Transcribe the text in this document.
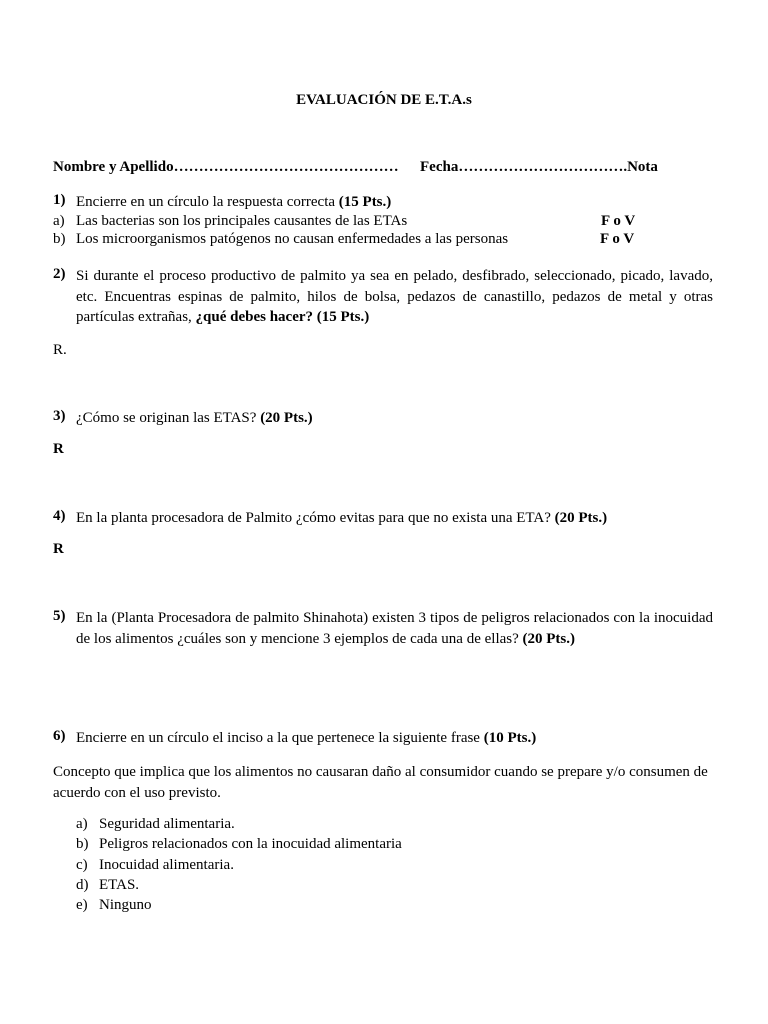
EVALUACIÓN DE E.T.A.s
Nombre y Apellido……………………………………… Fecha…………………………….Nota
1) Encierre en un círculo la respuesta correcta (15 Pts.)
a) Las bacterias son los principales causantes de las ETAs	F o V
b) Los microorganismos patógenos no causan enfermedades a las personas	F o V
2) Si durante el proceso productivo de palmito ya sea en pelado, desfibrado, seleccionado, picado, lavado, etc. Encuentras espinas de palmito, hilos de bolsa, pedazos de canastillo, pedazos de metal y otras partículas extrañas, ¿qué debes hacer? (15 Pts.)
R.
3) ¿Cómo se originan las ETAS? (20 Pts.)
R
4) En la planta procesadora de Palmito ¿cómo evitas para que no exista una ETA? (20 Pts.)
R
5) En la (Planta Procesadora de palmito Shinahota) existen 3 tipos de peligros relacionados con la inocuidad de los alimentos ¿cuáles son y mencione 3 ejemplos de cada una de ellas? (20 Pts.)
6) Encierre en un círculo el inciso a la que pertenece la siguiente frase (10 Pts.)
Concepto que implica que los alimentos no causaran daño al consumidor cuando se prepare y/o consumen de acuerdo con el uso previsto.
a) Seguridad alimentaria.
b) Peligros relacionados con la inocuidad alimentaria
c) Inocuidad alimentaria.
d) ETAS.
e) Ninguno
